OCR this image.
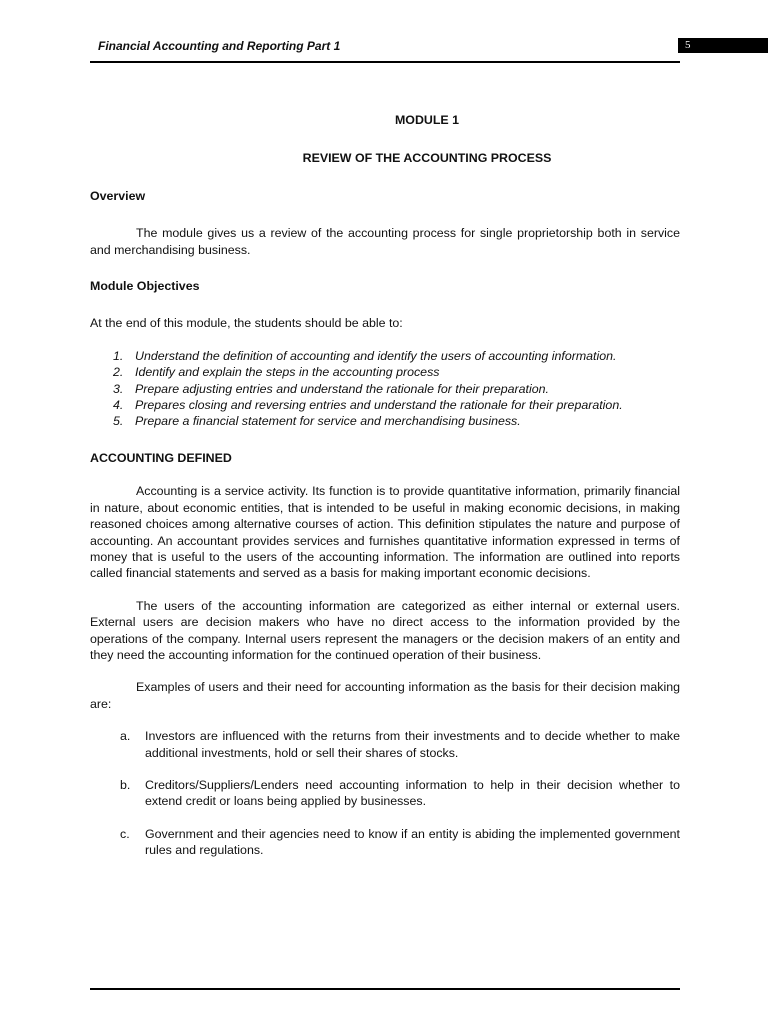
Financial Accounting and Reporting Part 1	5

MODULE 1

REVIEW OF THE ACCOUNTING PROCESS

Overview

The module gives us a review of the accounting process for single proprietorship both in service and merchandising business.

Module Objectives

At the end of this module, the students should be able to:

1. Understand the definition of accounting and identify the users of accounting information.
2. Identify and explain the steps in the accounting process
3. Prepare adjusting entries and understand the rationale for their preparation.
4. Prepares closing and reversing entries and understand the rationale for their preparation.
5. Prepare a financial statement for service and merchandising business.

ACCOUNTING DEFINED

Accounting is a service activity. Its function is to provide quantitative information, primarily financial in nature, about economic entities, that is intended to be useful in making economic decisions, in making reasoned choices among alternative courses of action. This definition stipulates the nature and purpose of accounting. An accountant provides services and furnishes quantitative information expressed in terms of money that is useful to the users of the accounting information. The information are outlined into reports called financial statements and served as a basis for making important economic decisions.

The users of the accounting information are categorized as either internal or external users. External users are decision makers who have no direct access to the information provided by the operations of the company. Internal users represent the managers or the decision makers of an entity and they need the accounting information for the continued operation of their business.

Examples of users and their need for accounting information as the basis for their decision making are:

a. Investors are influenced with the returns from their investments and to decide whether to make additional investments, hold or sell their shares of stocks.
b. Creditors/Suppliers/Lenders need accounting information to help in their decision whether to extend credit or loans being applied by businesses.
c. Government and their agencies need to know if an entity is abiding the implemented government rules and regulations.
